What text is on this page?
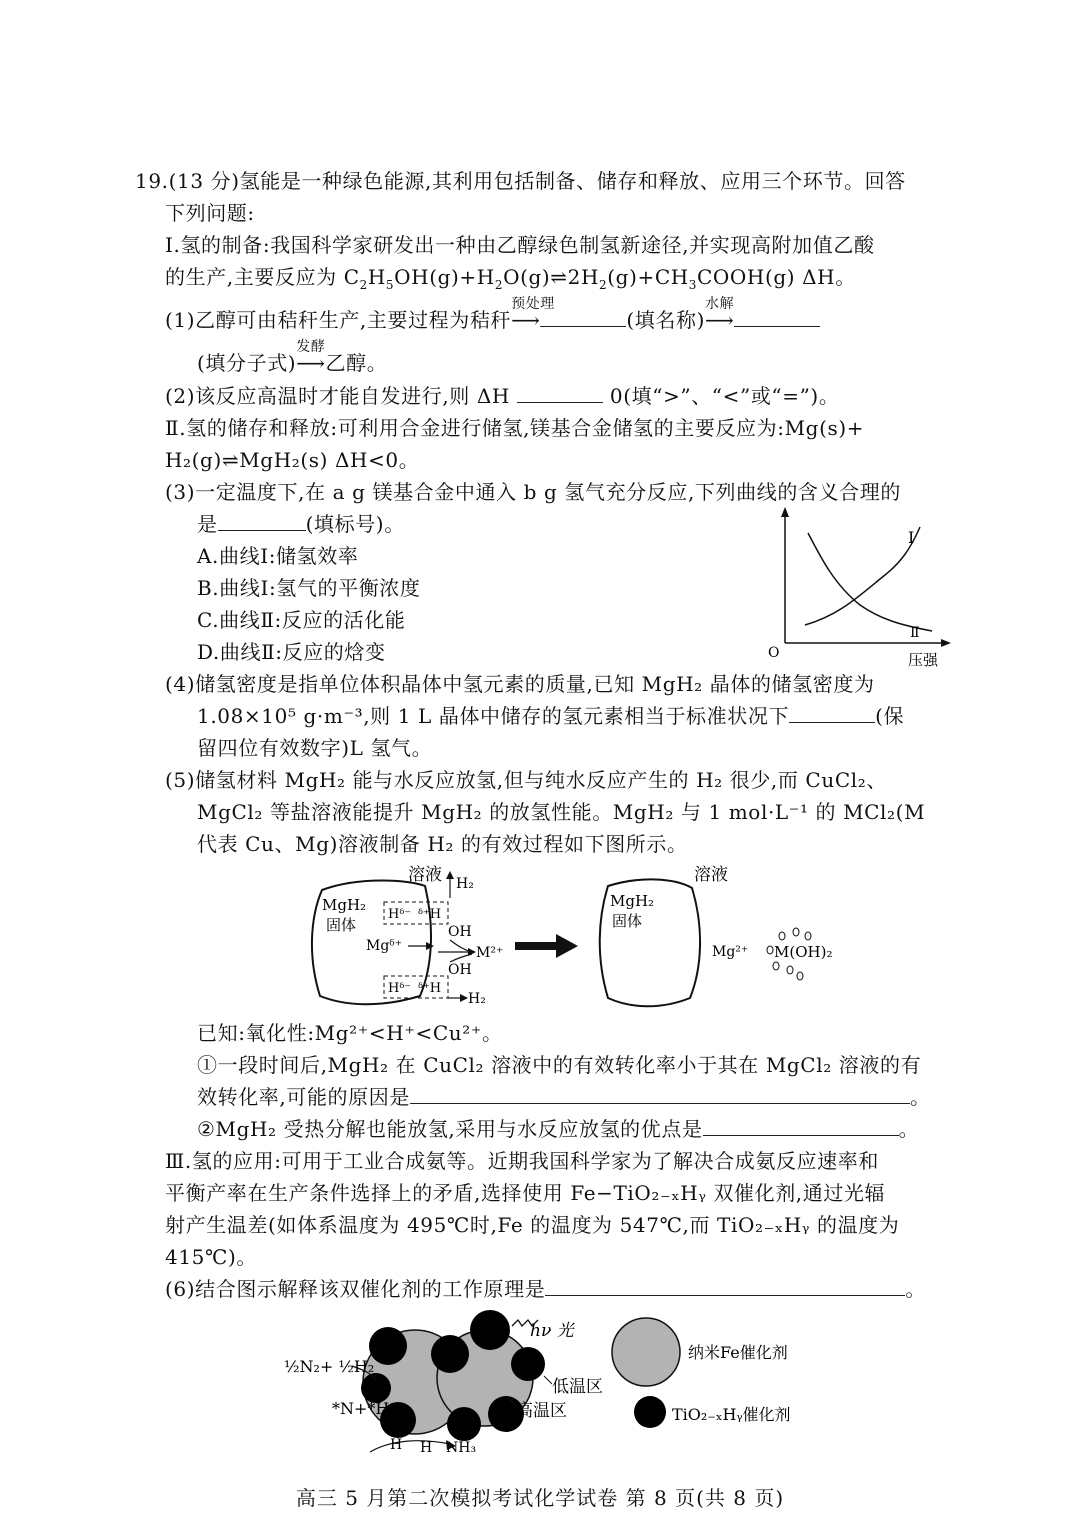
19.(13 分)氢能是一种绿色能源,其利用包括制备、储存和释放、应用三个环节。回答
下列问题:
Ⅰ.氢的制备:我国科学家研发出一种由乙醇绿色制氢新途径,并实现高附加值乙酸
的生产,主要反应为 $C_2H_5OH(g)+H_2O(g)\rightleftharpoons 2H_2(g)+CH_3COOH(g)$ ΔH。
(1)乙醇可由秸秆生产,主要过程为秸秆
预处理
⟶	(填名称)
水解
⟶
(填分子式)
发酵
⟶乙醇。
(2)该反应高温时才能自发进行,则 ΔH	0(填“>”、“<”或“=”)。
Ⅱ.氢的储存和释放:可利用合金进行储氢,镁基合金储氢的主要反应为:Mg(s)+
H₂(g)⇌MgH₂(s) ΔH<0。
(3)一定温度下,在 a g 镁基合金中通入 b g 氢气充分反应,下列曲线的含义合理的
是	(填标号)。
A.曲线Ⅰ:储氢效率
B.曲线Ⅰ:氢气的平衡浓度
C.曲线Ⅱ:反应的活化能
D.曲线Ⅱ:反应的焓变
Ⅰ
Ⅱ
O	压强
(4)储氢密度是指单位体积晶体中氢元素的质量,已知 MgH₂ 晶体的储氢密度为
1.08×10⁵ g·m⁻³,则 1 L 晶体中储存的氢元素相当于标准状况下	(保
留四位有效数字)L 氢气。
(5)储氢材料 MgH₂ 能与水反应放氢,但与纯水反应产生的 H₂ 很少,而 CuCl₂、
MgCl₂ 等盐溶液能提升 MgH₂ 的放氢性能。MgH₂ 与 1 mol·L⁻¹ 的 MCl₂(M
代表 Cu、Mg)溶液制备 H₂ 的有效过程如下图所示。
溶液 H₂
MgH₂
固体
Hᵟ⁻ ᵟ⁺H
Mgᵟ⁺
OH
M²⁺
OH
Hᵟ⁻ ᵟ⁺H
H₂
溶液
MgH₂
固体
Mg²⁺ M(OH)₂
已知:氧化性:Mg²⁺<H⁺<Cu²⁺。
①一段时间后,MgH₂ 在 CuCl₂ 溶液中的有效转化率小于其在 MgCl₂ 溶液的有
效转化率,可能的原因是	。
②MgH₂ 受热分解也能放氢,采用与水反应放氢的优点是	。
Ⅲ.氢的应用:可用于工业合成氨等。近期我国科学家为了解决合成氨反应速率和
平衡产率在生产条件选择上的矛盾,选择使用 Fe−TiO₂₋ₓHᵧ 双催化剂,通过光辐
射产生温差(如体系温度为 495℃时,Fe 的温度为 547℃,而 TiO₂₋ₓHᵧ 的温度为
415℃)。
(6)结合图示解释该双催化剂的工作原理是	。
hν 光
低温区
高温区
½N₂+ ½H₂
*N+*H
H H NH₃
纳米Fe催化剂
TiO₂₋ₓHᵧ催化剂
高三 5 月第二次模拟考试化学试卷 第 8 页(共 8 页)
